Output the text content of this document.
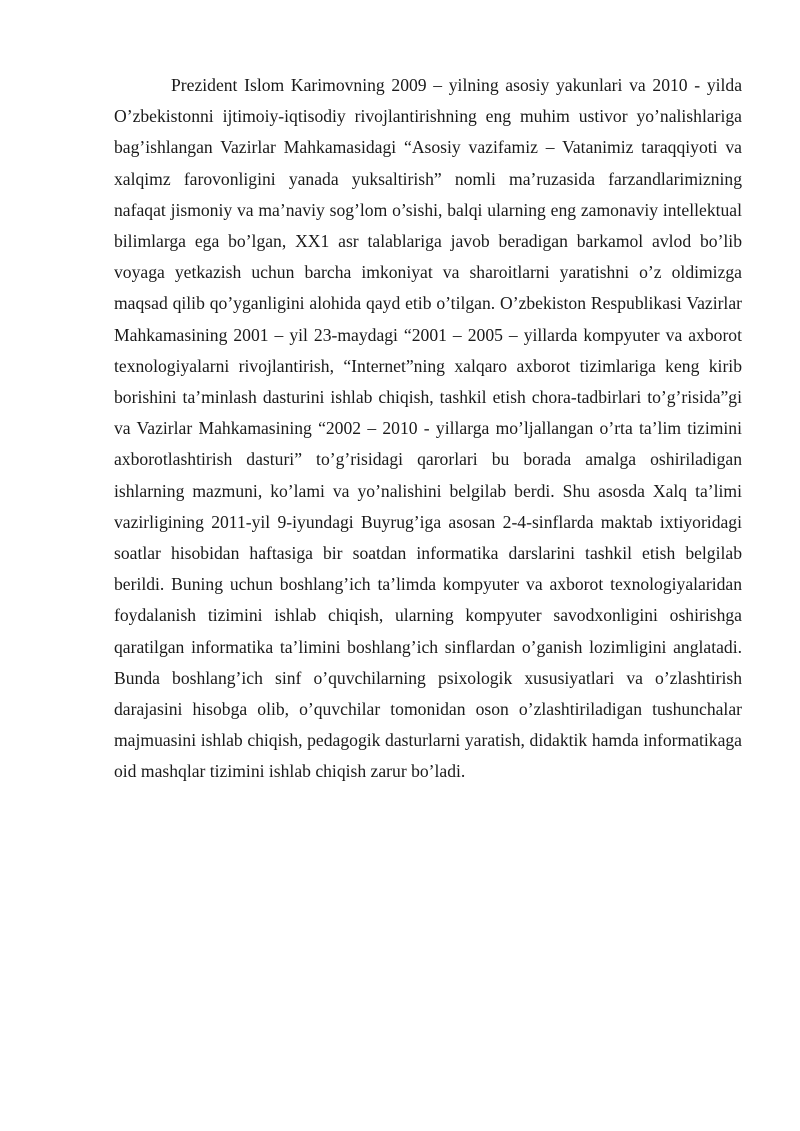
Prezident Islom Karimovning 2009 – yilning asosiy yakunlari va 2010 - yilda O’zbekistonni ijtimoiy-iqtisodiy rivojlantirishning eng muhim ustivor yo’nalishlariga bag’ishlangan Vazirlar Mahkamasidagi “Asosiy vazifamiz – Vatanimiz taraqqiyoti va xalqimz farovonligini yanada yuksaltirish” nomli ma’ruzasida farzandlarimizning nafaqat jismoniy va ma’naviy sog’lom o’sishi, balqi ularning eng zamonaviy intellektual bilimlarga ega bo’lgan, XX1 asr talablariga javob beradigan barkamol avlod bo’lib voyaga yetkazish uchun barcha imkoniyat va sharoitlarni yaratishni o’z oldimizga maqsad qilib qo’yganligini alohida qayd etib o’tilgan. O’zbekiston Respublikasi Vazirlar Mahkamasining 2001 – yil 23-maydagi “2001 – 2005 – yillarda kompyuter va axborot texnologiyalarni rivojlantirish, “Internet”ning xalqaro axborot tizimlariga keng kirib borishini ta’minlash dasturini ishlab chiqish, tashkil etish chora-tadbirlari to’g’risida”gi va Vazirlar Mahkamasining “2002 – 2010 - yillarga mo’ljallangan o’rta ta’lim tizimini axborotlashtirish dasturi” to’g’risidagi qarorlari bu borada amalga oshiriladigan ishlarning mazmuni, ko’lami va yo’nalishini belgilab berdi. Shu asosda Xalq ta’limi vazirligining 2011-yil 9-iyundagi Buyrug’iga asosan 2-4-sinflarda maktab ixtiyoridagi soatlar hisobidan haftasiga bir soatdan informatika darslarini tashkil etish belgilab berildi. Buning uchun boshlang’ich ta’limda kompyuter va axborot texnologiyalaridan foydalanish tizimini ishlab chiqish, ularning kompyuter savodxonligini oshirishga qaratilgan informatika ta’limini boshlang’ich sinflardan o’ganish lozimligini anglatadi. Bunda boshlang’ich sinf o’quvchilarning psixologik xususiyatlari va o’zlashtirish darajasini hisobga olib, o’quvchilar tomonidan oson o’zlashtiriladigan tushunchalar majmuasini ishlab chiqish, pedagogik dasturlarni yaratish, didaktik hamda informatikaga oid mashqlar tizimini ishlab chiqish zarur bo’ladi.
